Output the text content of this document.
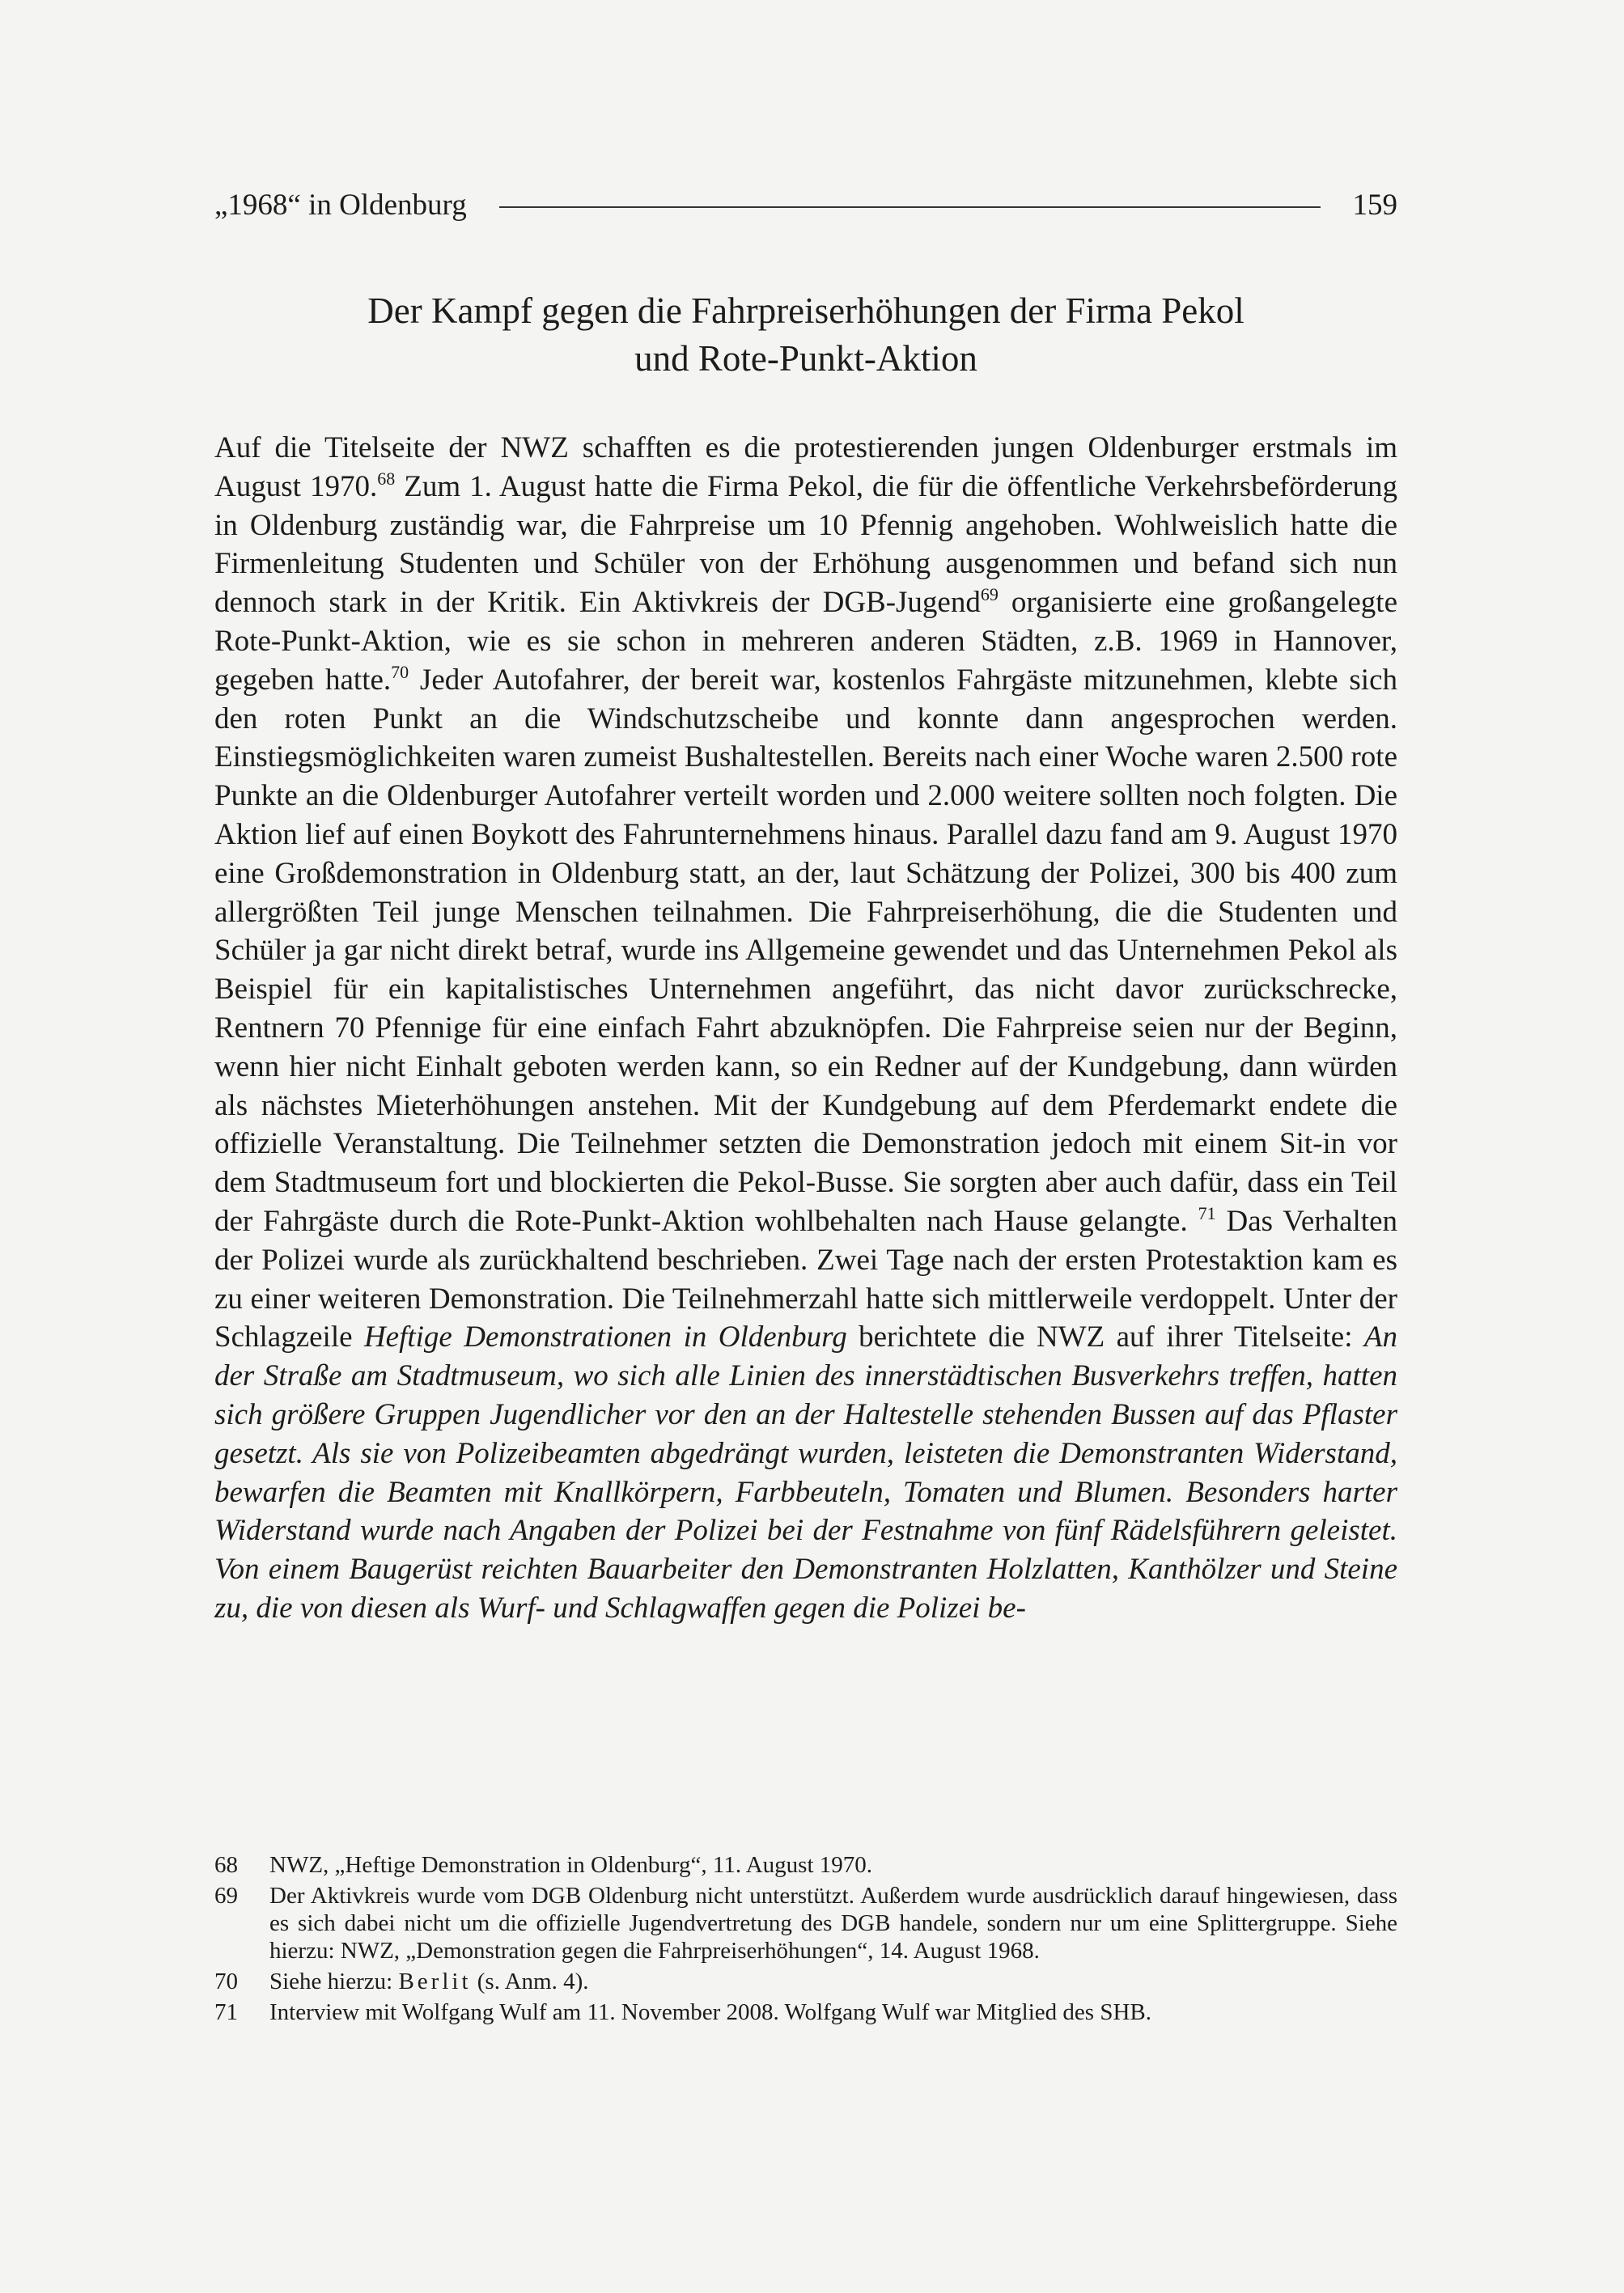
„1968“ in Oldenburg	159
Der Kampf gegen die Fahrpreiserhöhungen der Firma Pekol
und Rote-Punkt-Aktion

Auf die Titelseite der NWZ schafften es die protestierenden jungen Oldenburger erstmals im August 1970.68 Zum 1. August hatte die Firma Pekol, die für die öffentliche Verkehrsbeförderung in Oldenburg zuständig war, die Fahrpreise um 10 Pfennig angehoben. Wohlweislich hatte die Firmenleitung Studenten und Schüler von der Erhöhung ausgenommen und befand sich nun dennoch stark in der Kritik. Ein Aktivkreis der DGB-Jugend$^{69}$ organisierte eine großangelegte Rote-Punkt-Aktion, wie es sie schon in mehreren anderen Städten, z.B. 1969 in Hannover, gegeben hatte.$^{70}$ Jeder Autofahrer, der bereit war, kostenlos Fahrgäste mitzunehmen, klebte sich den roten Punkt an die Windschutzscheibe und konnte dann angesprochen werden. Einstiegsmöglichkeiten waren zumeist Bushaltestellen. Bereits nach einer Woche waren 2.500 rote Punkte an die Oldenburger Autofahrer verteilt worden und 2.000 weitere sollten noch folgten. Die Aktion lief auf einen Boykott des Fahrunternehmens hinaus. Parallel dazu fand am 9. August 1970 eine Großdemonstration in Oldenburg statt, an der, laut Schätzung der Polizei, 300 bis 400 zum allergrößten Teil junge Menschen teilnahmen. Die Fahrpreiserhöhung, die die Studenten und Schüler ja gar nicht direkt betraf, wurde ins Allgemeine gewendet und das Unternehmen Pekol als Beispiel für ein kapitalistisches Unternehmen angeführt, das nicht davor zurückschrecke, Rentnern 70 Pfennige für eine einfach Fahrt abzuknöpfen. Die Fahrpreise seien nur der Beginn, wenn hier nicht Einhalt geboten werden kann, so ein Redner auf der Kundgebung, dann würden als nächstes Mieterhöhungen anstehen. Mit der Kundgebung auf dem Pferdemarkt endete die offizielle Veranstaltung. Die Teilnehmer setzten die Demonstration jedoch mit einem Sit-in vor dem Stadtmuseum fort und blockierten die Pekol-Busse. Sie sorgten aber auch dafür, dass ein Teil der Fahrgäste durch die Rote-Punkt-Aktion wohlbehalten nach Hause gelangte. $^{71}$ Das Verhalten der Polizei wurde als zurückhaltend beschrieben. Zwei Tage nach der ersten Protestaktion kam es zu einer weiteren Demonstration. Die Teilnehmerzahl hatte sich mittlerweile verdoppelt. Unter der Schlagzeile Heftige Demonstrationen in Oldenburg berichtete die NWZ auf ihrer Titelseite: An der Straße am Stadtmuseum, wo sich alle Linien des innerstädtischen Busverkehrs treffen, hatten sich größere Gruppen Jugendlicher vor den an der Haltestelle stehenden Bussen auf das Pflaster gesetzt. Als sie von Polizeibeamten abgedrängt wurden, leisteten die Demonstranten Widerstand, bewarfen die Beamten mit Knallkörpern, Farbbeuteln, Tomaten und Blumen. Besonders harter Widerstand wurde nach Angaben der Polizei bei der Festnahme von fünf Rädelsführern geleistet. Von einem Baugerüst reichten Bauarbeiter den Demonstranten Holzlatten, Kanthölzer und Steine zu, die von diesen als Wurf- und Schlagwaffen gegen die Polizei be-

68	NWZ, „Heftige Demonstration in Oldenburg“, 11. August 1970.
69	Der Aktivkreis wurde vom DGB Oldenburg nicht unterstützt. Außerdem wurde ausdrücklich darauf hingewiesen, dass es sich dabei nicht um die offizielle Jugendvertretung des DGB handele, sondern nur um eine Splittergruppe. Siehe hierzu: NWZ, „Demonstration gegen die Fahrpreiserhöhungen“, 14. August 1968.
70	Siehe hierzu: Berlit (s. Anm. 4).
71	Interview mit Wolfgang Wulf am 11. November 2008. Wolfgang Wulf war Mitglied des SHB.
